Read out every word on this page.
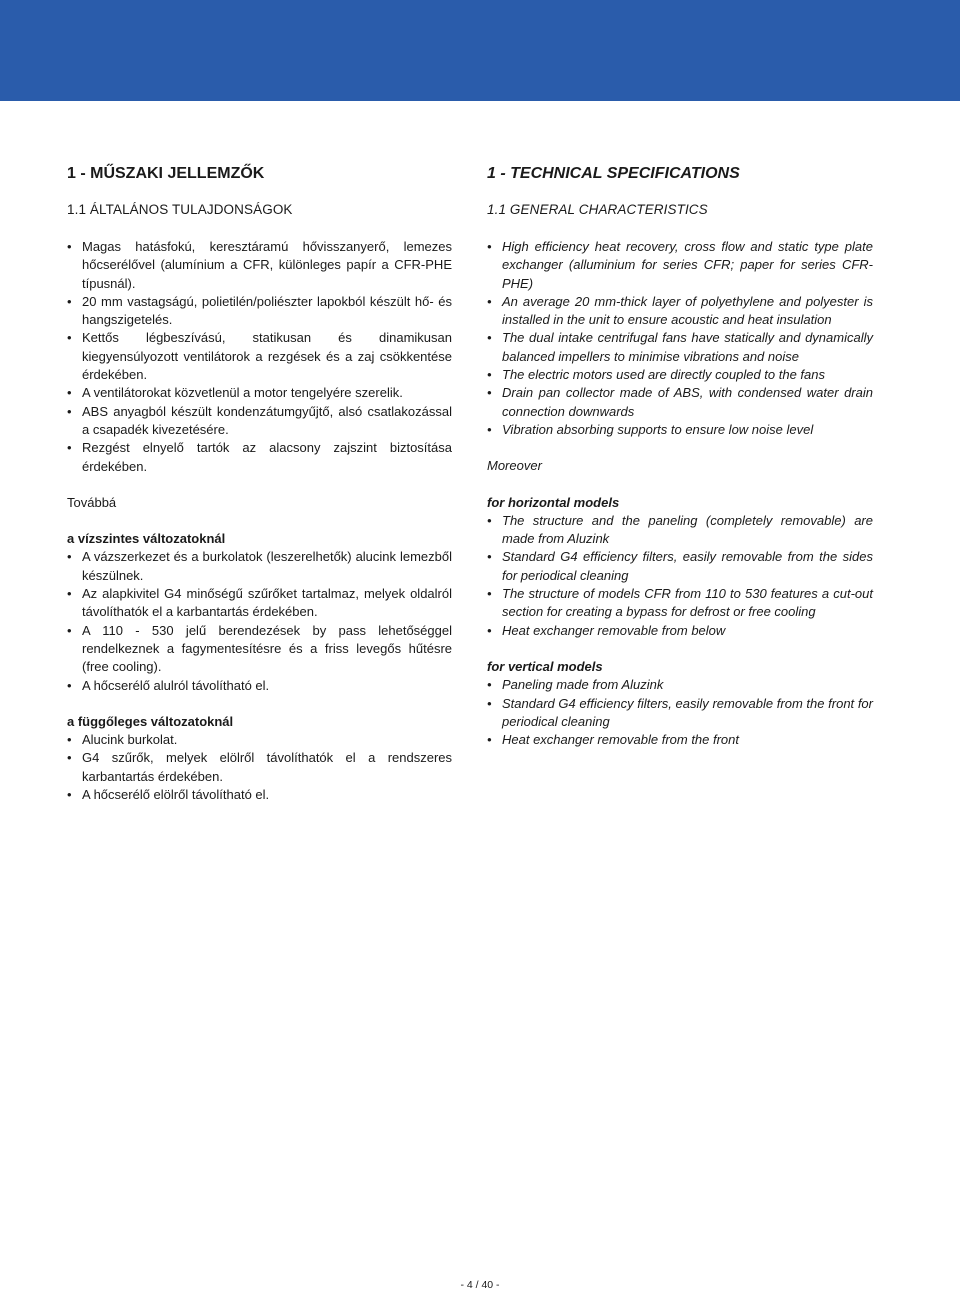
1 - MŰSZAKI JELLEMZŐK
1.1 ÁLTALÁNOS TULAJDONSÁGOK
• Magas hatásfokú, keresztáramú hővisszanyerő, lemezes hőcserélővel (alumínium a CFR, különleges papír a CFR-PHE típusnál).
• 20 mm vastagságú, polietilén/poliészter lapokból készült hő- és hangszigetelés.
• Kettős légbeszívású, statikusan és dinamikusan kiegyensúlyozott ventilátorok a rezgések és a zaj csökkentése érdekében.
• A ventilátorokat közvetlenül a motor tengelyére szerelik.
• ABS anyagból készült kondenzátumgyűjtő, alsó csatlakozással a csapadék kivezetésére.
• Rezgést elnyelő tartók az alacsony zajszint biztosítása érdekében.
Továbbá
a vízszintes változatoknál
• A vázszerkezet és a burkolatok (leszerelhetők) alucink lemezből készülnek.
• Az alapkivitel G4 minőségű szűrőket tartalmaz, melyek oldalról távolíthatók el a karbantartás érdekében.
• A 110 - 530 jelű berendezések by pass lehetőséggel rendelkeznek a fagymentesítésre és a friss levegős hűtésre (free cooling).
• A hőcserélő alulról távolítható el.
a függőleges változatoknál
• Alucink burkolat.
• G4 szűrők, melyek elölről távolíthatók el a rendszeres karbantartás érdekében.
• A hőcserélő elölről távolítható el.
1 - TECHNICAL SPECIFICATIONS
1.1 GENERAL CHARACTERISTICS
• High efficiency heat recovery, cross flow and static type plate exchanger (alluminium for series CFR; paper for series CFR-PHE)
• An average 20 mm-thick layer of polyethylene and polyester is installed in the unit to ensure acoustic and heat insulation
• The dual intake centrifugal fans have statically and dynamically balanced impellers to minimise vibrations and noise
• The electric motors used are directly coupled to the fans
• Drain pan collector made of ABS, with condensed water drain connection downwards
• Vibration absorbing supports to ensure low noise level
Moreover
for horizontal models
• The structure and the paneling (completely removable) are made from Aluzink
• Standard G4 efficiency filters, easily removable from the sides for periodical cleaning
• The structure of models CFR from 110 to 530 features a cut-out section for creating a bypass for defrost or free cooling
• Heat exchanger removable from below
for vertical models
• Paneling made from Aluzink
• Standard G4 efficiency filters, easily removable from the front for periodical cleaning
• Heat exchanger removable from the front
- 4 / 40 -
